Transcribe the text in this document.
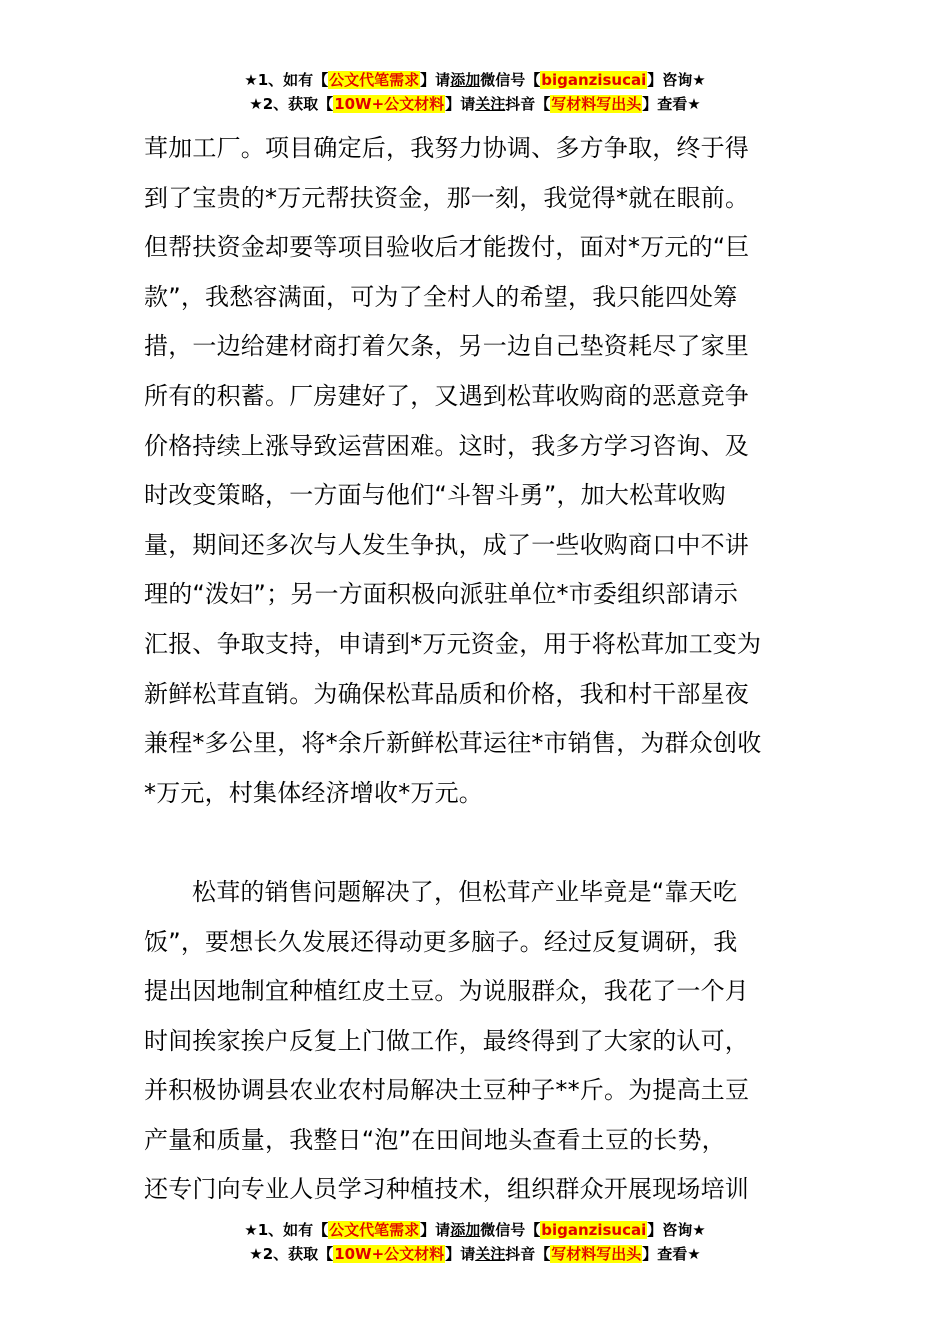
★1、如有【公文代笔需求】请添加微信号【biganzisucai】咨询★
★2、获取【10W+公文材料】请关注抖音【写材料写出头】查看★
茸加工厂。项目确定后，我努力协调、多方争取，终于得
到了宝贵的*万元帮扶资金，那一刻，我觉得*就在眼前。
但帮扶资金却要等项目验收后才能拨付，面对*万元的“巨
款”，我愁容满面，可为了全村人的希望，我只能四处筹
措，一边给建材商打着欠条，另一边自己垫资耗尽了家里
所有的积蓄。厂房建好了，又遇到松茸收购商的恶意竞争
价格持续上涨导致运营困难。这时，我多方学习咨询、及
时改变策略，一方面与他们“斗智斗勇”，加大松茸收购
量，期间还多次与人发生争执，成了一些收购商口中不讲
理的“泼妇”；另一方面积极向派驻单位*市委组织部请示
汇报、争取支持，申请到*万元资金，用于将松茸加工变为
新鲜松茸直销。为确保松茸品质和价格，我和村干部星夜
兼程*多公里，将*余斤新鲜松茸运往*市销售，为群众创收
*万元，村集体经济增收*万元。
松茸的销售问题解决了，但松茸产业毕竟是“靠天吃
饭”，要想长久发展还得动更多脑子。经过反复调研，我
提出因地制宜种植红皮土豆。为说服群众，我花了一个月
时间挨家挨户反复上门做工作，最终得到了大家的认可，
并积极协调县农业农村局解决土豆种子**斤。为提高土豆
产量和质量，我整日“泡”在田间地头查看土豆的长势，
还专门向专业人员学习种植技术，组织群众开展现场培训
★1、如有【公文代笔需求】请添加微信号【biganzisucai】咨询★
★2、获取【10W+公文材料】请关注抖音【写材料写出头】查看★
